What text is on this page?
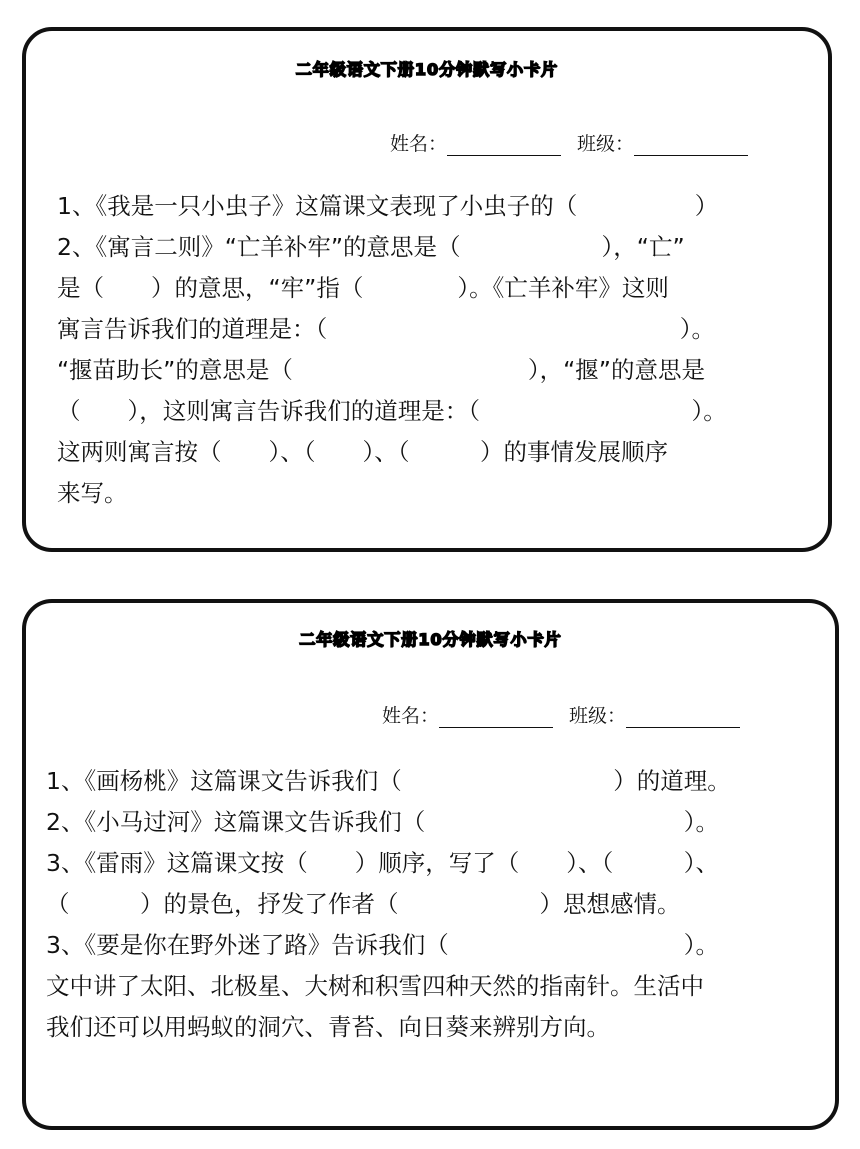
二年级语文下册10分钟默写小卡片
姓名：	班级：
1、《我是一只小虫子》这篇课文表现了小虫子的（　　　　　）
2、《寓言二则》“亡羊补牢”的意思是（　　　　　　），“亡”
是（　　）的意思，“牢”指（　　　　）。《亡羊补牢》这则
寓言告诉我们的道理是：（　　　　　　　　　　　　　　　）。
“揠苗助长”的意思是（　　　　　　　　　　），“揠”的意思是
（　　），这则寓言告诉我们的道理是：（　　　　　　　　　）。
这两则寓言按（　　）、（　　）、（　　　）的事情发展顺序
来写。
二年级语文下册10分钟默写小卡片
姓名：	班级：
1、《画杨桃》这篇课文告诉我们（　　　　　　　　　）的道理。
2、《小马过河》这篇课文告诉我们（　　　　　　　　　　　）。
3、《雷雨》这篇课文按（　　）顺序，写了（　　）、（　　　）、
（　　　）的景色，抒发了作者（　　　　　　）思想感情。
3、《要是你在野外迷了路》告诉我们（　　　　　　　　　　）。
文中讲了太阳、北极星、大树和积雪四种天然的指南针。生活中
我们还可以用蚂蚁的洞穴、青苔、向日葵来辨别方向。
